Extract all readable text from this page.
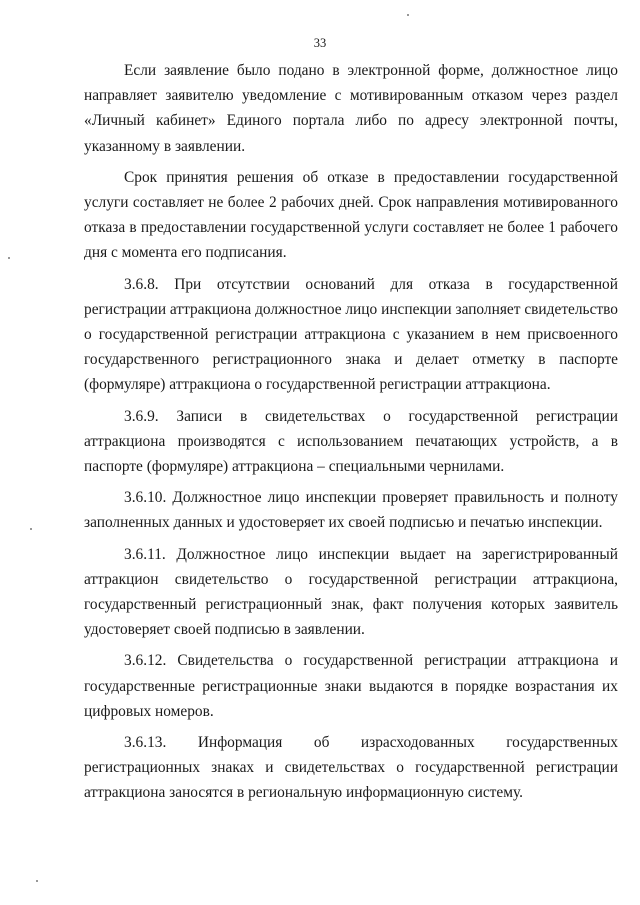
33

Если заявление было подано в электронной форме, должностное лицо направляет заявителю уведомление с мотивированным отказом через раздел «Личный кабинет» Единого портала либо по адресу электронной почты, указанному в заявлении.

Срок принятия решения об отказе в предоставлении государственной услуги составляет не более 2 рабочих дней. Срок направления мотивированного отказа в предоставлении государственной услуги составляет не более 1 рабочего дня с момента его подписания.

3.6.8. При отсутствии оснований для отказа в государственной регистрации аттракциона должностное лицо инспекции заполняет свидетельство о государственной регистрации аттракциона с указанием в нем присвоенного государственного регистрационного знака и делает отметку в паспорте (формуляре) аттракциона о государственной регистрации аттракциона.

3.6.9. Записи в свидетельствах о государственной регистрации аттракциона производятся с использованием печатающих устройств, а в паспорте (формуляре) аттракциона – специальными чернилами.

3.6.10. Должностное лицо инспекции проверяет правильность и полноту заполненных данных и удостоверяет их своей подписью и печатью инспекции.

3.6.11. Должностное лицо инспекции выдает на зарегистрированный аттракцион свидетельство о государственной регистрации аттракциона, государственный регистрационный знак, факт получения которых заявитель удостоверяет своей подписью в заявлении.

3.6.12. Свидетельства о государственной регистрации аттракциона и государственные регистрационные знаки выдаются в порядке возрастания их цифровых номеров.

3.6.13. Информация об израсходованных государственных регистрационных знаках и свидетельствах о государственной регистрации аттракциона заносятся в региональную информационную систему.
